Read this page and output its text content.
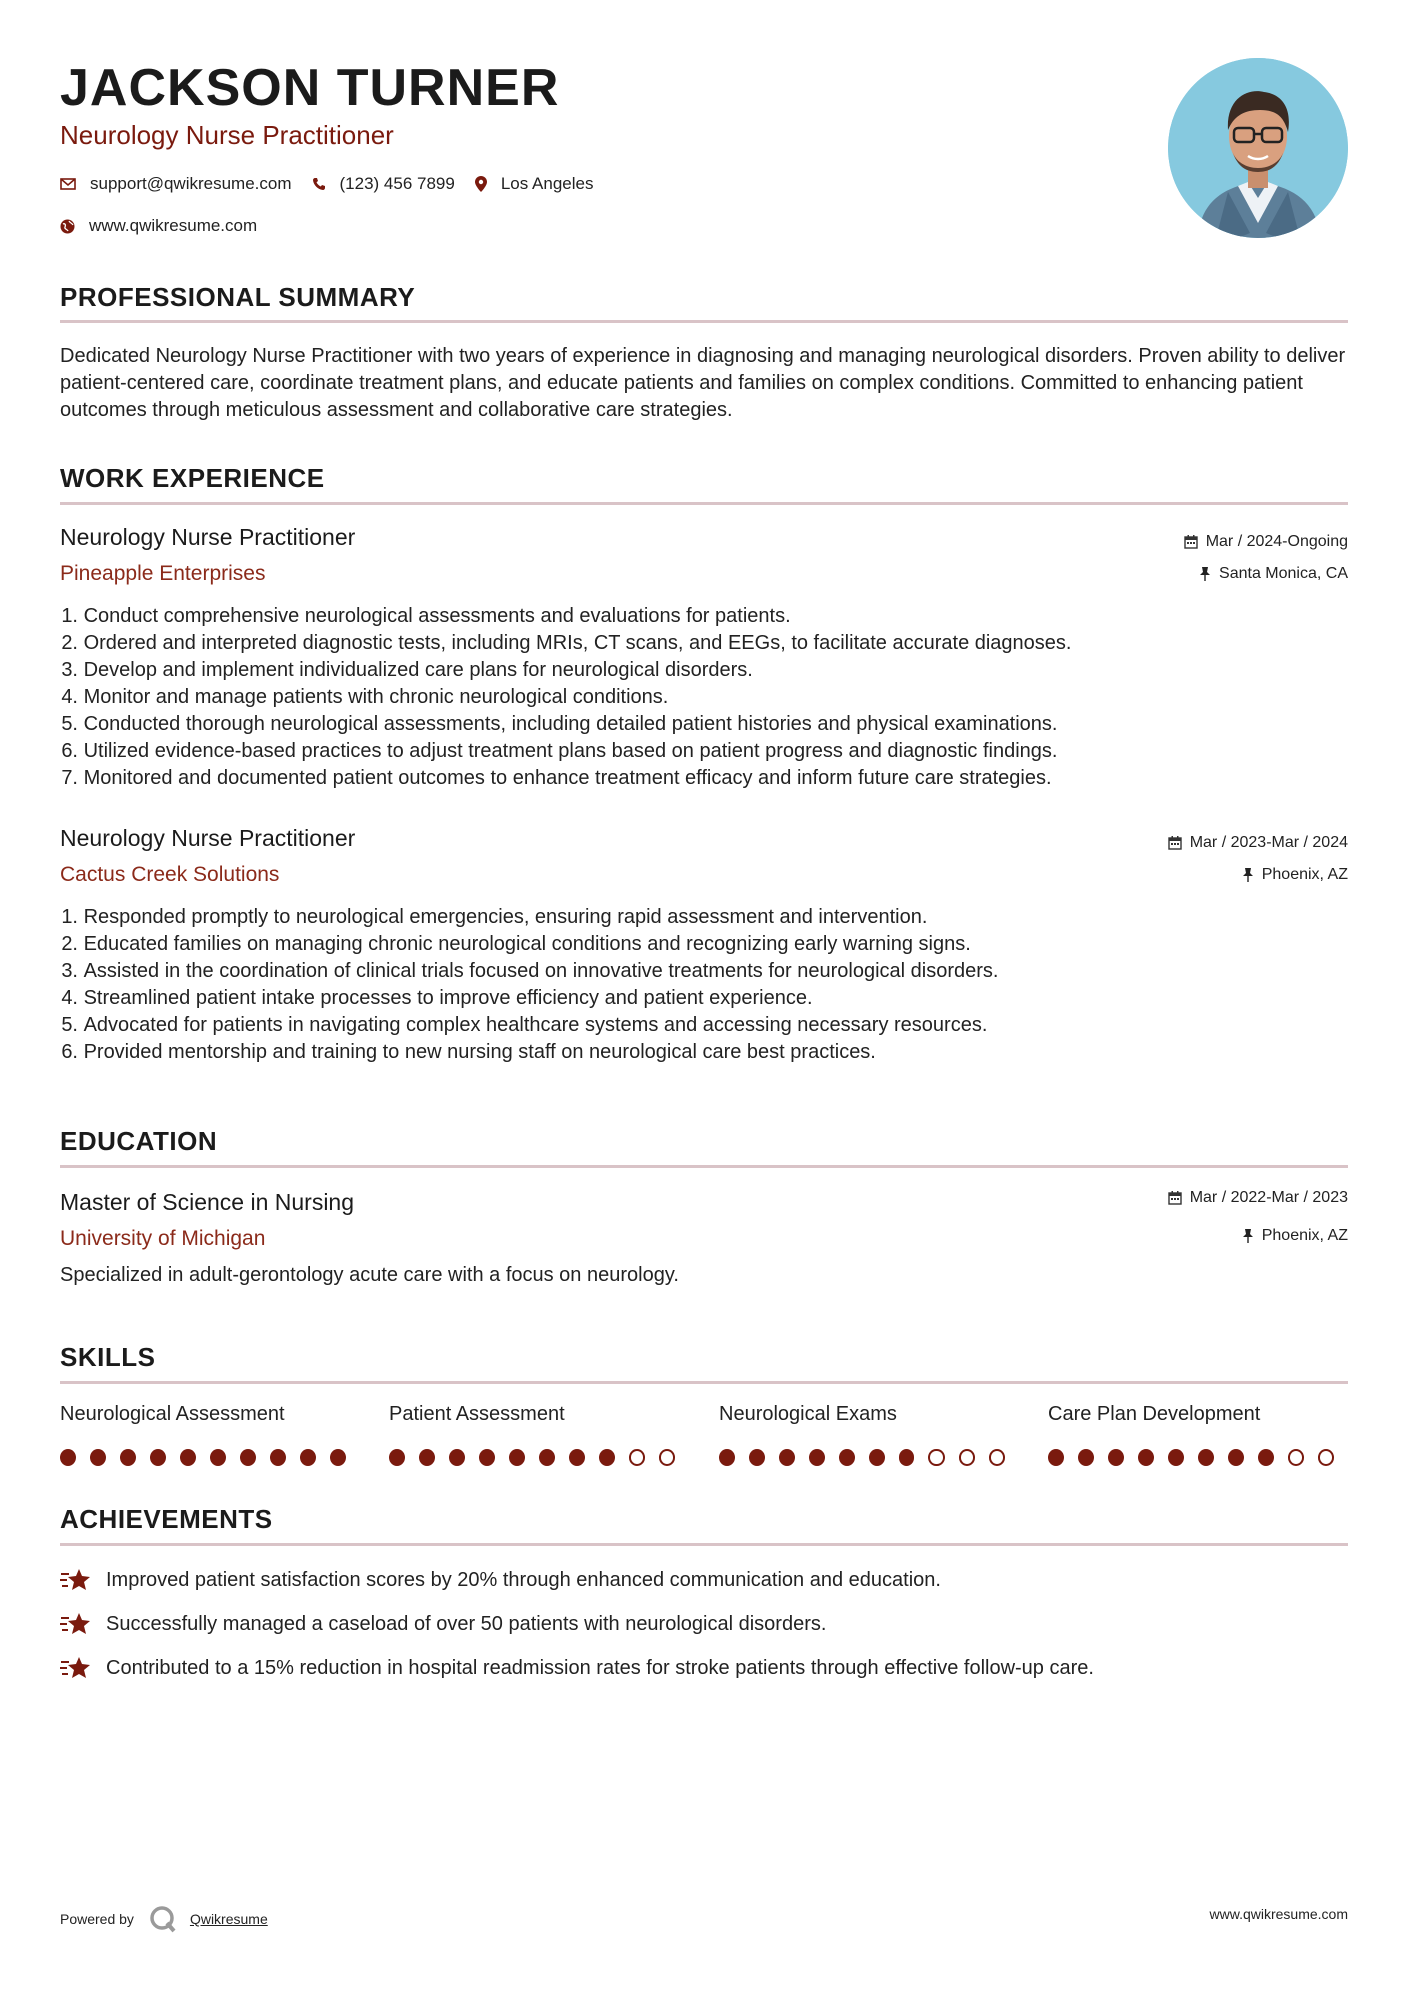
JACKSON TURNER
Neurology Nurse Practitioner
support@qwikresume.com	(123) 456 7899	Los Angeles
www.qwikresume.com
PROFESSIONAL SUMMARY
Dedicated Neurology Nurse Practitioner with two years of experience in diagnosing and managing neurological disorders. Proven ability to deliver patient-centered care, coordinate treatment plans, and educate patients and families on complex conditions. Committed to enhancing patient outcomes through meticulous assessment and collaborative care strategies.
WORK EXPERIENCE
Neurology Nurse Practitioner
Pineapple Enterprises
Mar / 2024-Ongoing
Santa Monica, CA
1.
Conduct comprehensive neurological assessments and evaluations for patients.
2.
Ordered and interpreted diagnostic tests, including MRIs, CT scans, and EEGs, to facilitate accurate diagnoses.
3.
Develop and implement individualized care plans for neurological disorders.
4.
Monitor and manage patients with chronic neurological conditions.
5.
Conducted thorough neurological assessments, including detailed patient histories and physical examinations.
6.
Utilized evidence-based practices to adjust treatment plans based on patient progress and diagnostic findings.
7.
Monitored and documented patient outcomes to enhance treatment efficacy and inform future care strategies.
Neurology Nurse Practitioner
Cactus Creek Solutions
Mar / 2023-Mar / 2024
Phoenix, AZ
1.
Responded promptly to neurological emergencies, ensuring rapid assessment and intervention.
2.
Educated families on managing chronic neurological conditions and recognizing early warning signs.
3.
Assisted in the coordination of clinical trials focused on innovative treatments for neurological disorders.
4.
Streamlined patient intake processes to improve efficiency and patient experience.
5.
Advocated for patients in navigating complex healthcare systems and accessing necessary resources.
6.
Provided mentorship and training to new nursing staff on neurological care best practices.
EDUCATION
Master of Science in Nursing
University of Michigan
Mar / 2022-Mar / 2023
Phoenix, AZ
Specialized in adult-gerontology acute care with a focus on neurology.
SKILLS
Neurological Assessment	Patient Assessment	Neurological Exams	Care Plan Development
ACHIEVEMENTS
Improved patient satisfaction scores by 20% through enhanced communication and education.
Successfully managed a caseload of over 50 patients with neurological disorders.
Contributed to a 15% reduction in hospital readmission rates for stroke patients through effective follow-up care.
Powered by	Qwikresume	www.qwikresume.com
